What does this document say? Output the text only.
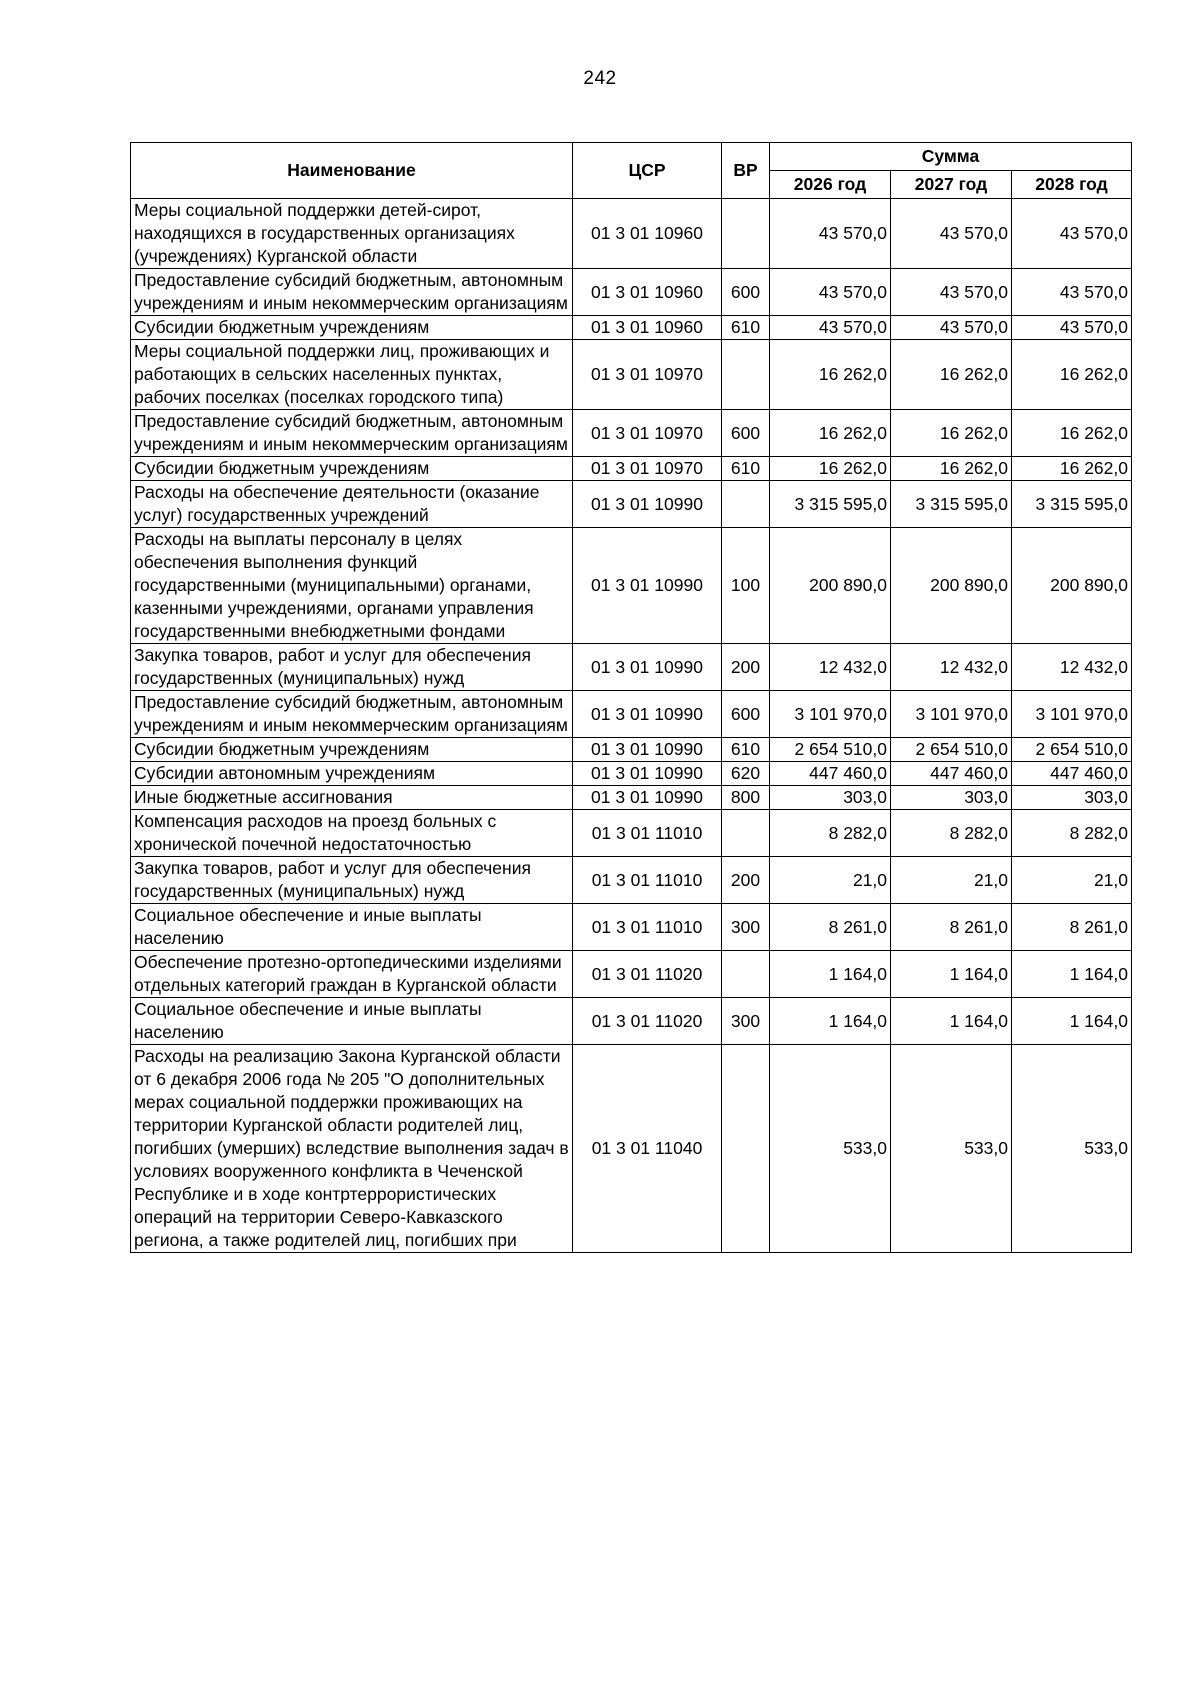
242
Наименование	ЦСР	ВР	Сумма		
			2026 год	2027 год	2028 год
Меры социальной поддержки детей-сирот, находящихся в государственных организациях (учреждениях) Курганской области	01 3 01 10960		43 570,0	43 570,0	43 570,0
Предоставление субсидий бюджетным, автономным учреждениям и иным некоммерческим организациям	01 3 01 10960	600	43 570,0	43 570,0	43 570,0
Субсидии бюджетным учреждениям	01 3 01 10960	610	43 570,0	43 570,0	43 570,0
Меры социальной поддержки лиц, проживающих и работающих в сельских населенных пунктах, рабочих поселках (поселках городского типа)	01 3 01 10970		16 262,0	16 262,0	16 262,0
Предоставление субсидий бюджетным, автономным учреждениям и иным некоммерческим организациям	01 3 01 10970	600	16 262,0	16 262,0	16 262,0
Субсидии бюджетным учреждениям	01 3 01 10970	610	16 262,0	16 262,0	16 262,0
Расходы на обеспечение деятельности (оказание услуг) государственных учреждений	01 3 01 10990		3 315 595,0	3 315 595,0	3 315 595,0
Расходы на выплаты персоналу в целях обеспечения выполнения функций государственными (муниципальными) органами, казенными учреждениями, органами управления государственными внебюджетными фондами	01 3 01 10990	100	200 890,0	200 890,0	200 890,0
Закупка товаров, работ и услуг для обеспечения государственных (муниципальных) нужд	01 3 01 10990	200	12 432,0	12 432,0	12 432,0
Предоставление субсидий бюджетным, автономным учреждениям и иным некоммерческим организациям	01 3 01 10990	600	3 101 970,0	3 101 970,0	3 101 970,0
Субсидии бюджетным учреждениям	01 3 01 10990	610	2 654 510,0	2 654 510,0	2 654 510,0
Субсидии автономным учреждениям	01 3 01 10990	620	447 460,0	447 460,0	447 460,0
Иные бюджетные ассигнования	01 3 01 10990	800	303,0	303,0	303,0
Компенсация расходов на проезд больных с хронической почечной недостаточностью	01 3 01 11010		8 282,0	8 282,0	8 282,0
Закупка товаров, работ и услуг для обеспечения государственных (муниципальных) нужд	01 3 01 11010	200	21,0	21,0	21,0
Социальное обеспечение и иные выплаты населению	01 3 01 11010	300	8 261,0	8 261,0	8 261,0
Обеспечение протезно-ортопедическими изделиями отдельных категорий граждан в Курганской области	01 3 01 11020		1 164,0	1 164,0	1 164,0
Социальное обеспечение и иные выплаты населению	01 3 01 11020	300	1 164,0	1 164,0	1 164,0
Расходы на реализацию Закона Курганской области от 6 декабря 2006 года № 205 "О дополнительных мерах социальной поддержки проживающих на территории Курганской области родителей лиц, погибших (умерших) вследствие выполнения задач в условиях вооруженного конфликта в Чеченской Республике и в ходе контртеррористических операций на территории Северо-Кавказского региона, а также родителей лиц, погибших при	01 3 01 11040		533,0	533,0	533,0
